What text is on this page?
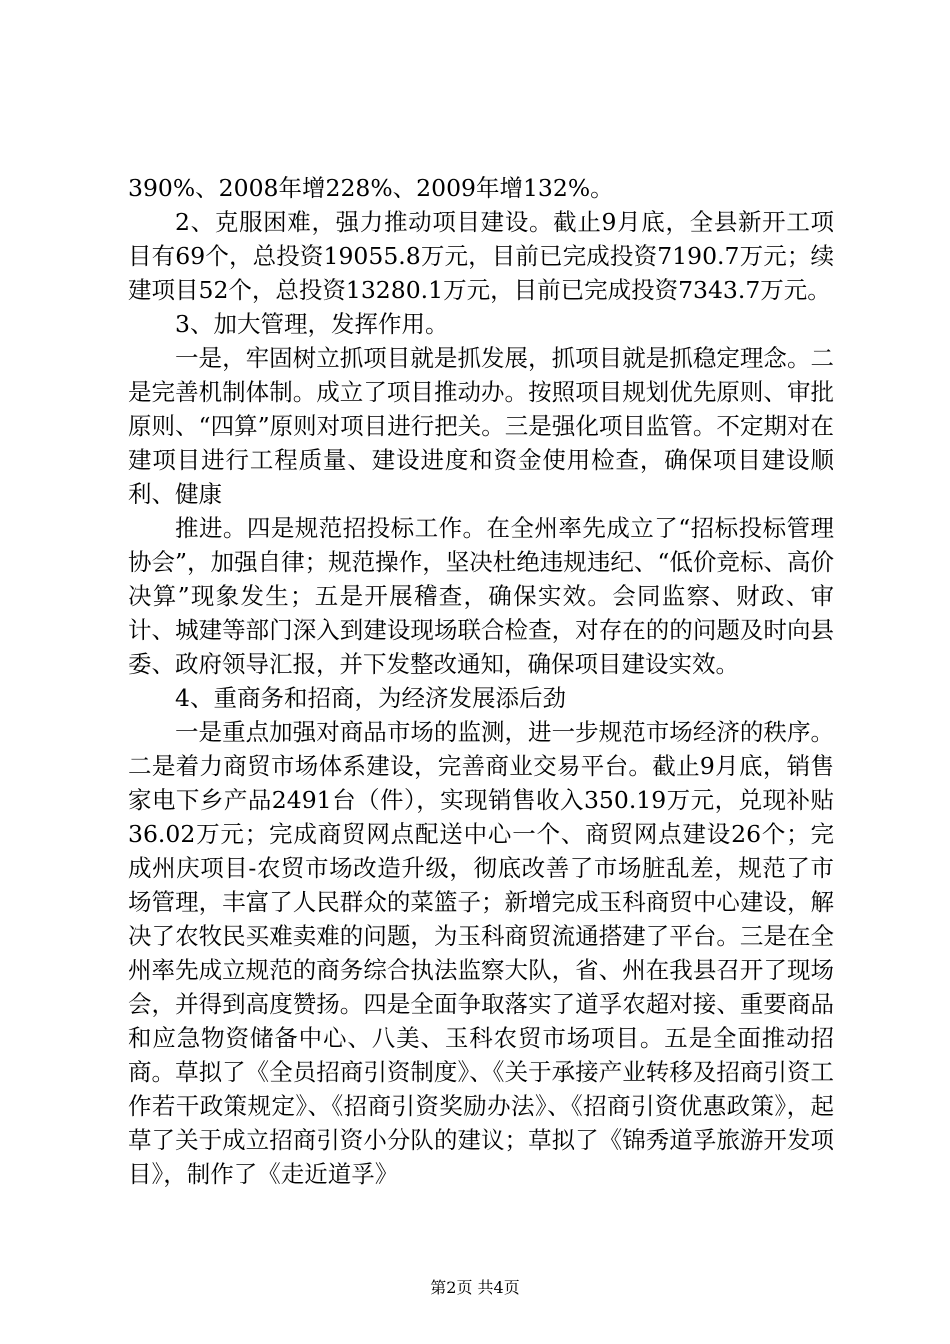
390%、2008年增228%、2009年增132%。

2、克服困难，强力推动项目建设。截止9月底，全县新开工项目有69个，总投资19055.8万元，目前已完成投资7190.7万元；续建项目52个，总投资13280.1万元，目前已完成投资7343.7万元。

3、加大管理，发挥作用。

一是，牢固树立抓项目就是抓发展，抓项目就是抓稳定理念。二是完善机制体制。成立了项目推动办。按照项目规划优先原则、审批原则、“四算”原则对项目进行把关。三是强化项目监管。不定期对在建项目进行工程质量、建设进度和资金使用检查，确保项目建设顺利、健康

推进。四是规范招投标工作。在全州率先成立了“招标投标管理协会”，加强自律；规范操作，坚决杜绝违规违纪、“低价竞标、高价决算”现象发生；五是开展稽查，确保实效。会同监察、财政、审计、城建等部门深入到建设现场联合检查，对存在的的问题及时向县委、政府领导汇报，并下发整改通知，确保项目建设实效。

4、重商务和招商，为经济发展添后劲

一是重点加强对商品市场的监测，进一步规范市场经济的秩序。二是着力商贸市场体系建设，完善商业交易平台。截止9月底，销售家电下乡产品2491台（件），实现销售收入350.19万元，兑现补贴36.02万元；完成商贸网点配送中心一个、商贸网点建设26个；完成州庆项目-农贸市场改造升级，彻底改善了市场脏乱差，规范了市场管理，丰富了人民群众的菜篮子；新增完成玉科商贸中心建设，解决了农牧民买难卖难的问题，为玉科商贸流通搭建了平台。三是在全州率先成立规范的商务综合执法监察大队，省、州在我县召开了现场会，并得到高度赞扬。四是全面争取落实了道孚农超对接、重要商品和应急物资储备中心、八美、玉科农贸市场项目。五是全面推动招商。草拟了《全员招商引资制度》、《关于承接产业转移及招商引资工作若干政策规定》、《招商引资奖励办法》、《招商引资优惠政策》，起草了关于成立招商引资小分队的建议；草拟了《锦秀道孚旅游开发项目》，制作了《走近道孚》

第2页 共4页
